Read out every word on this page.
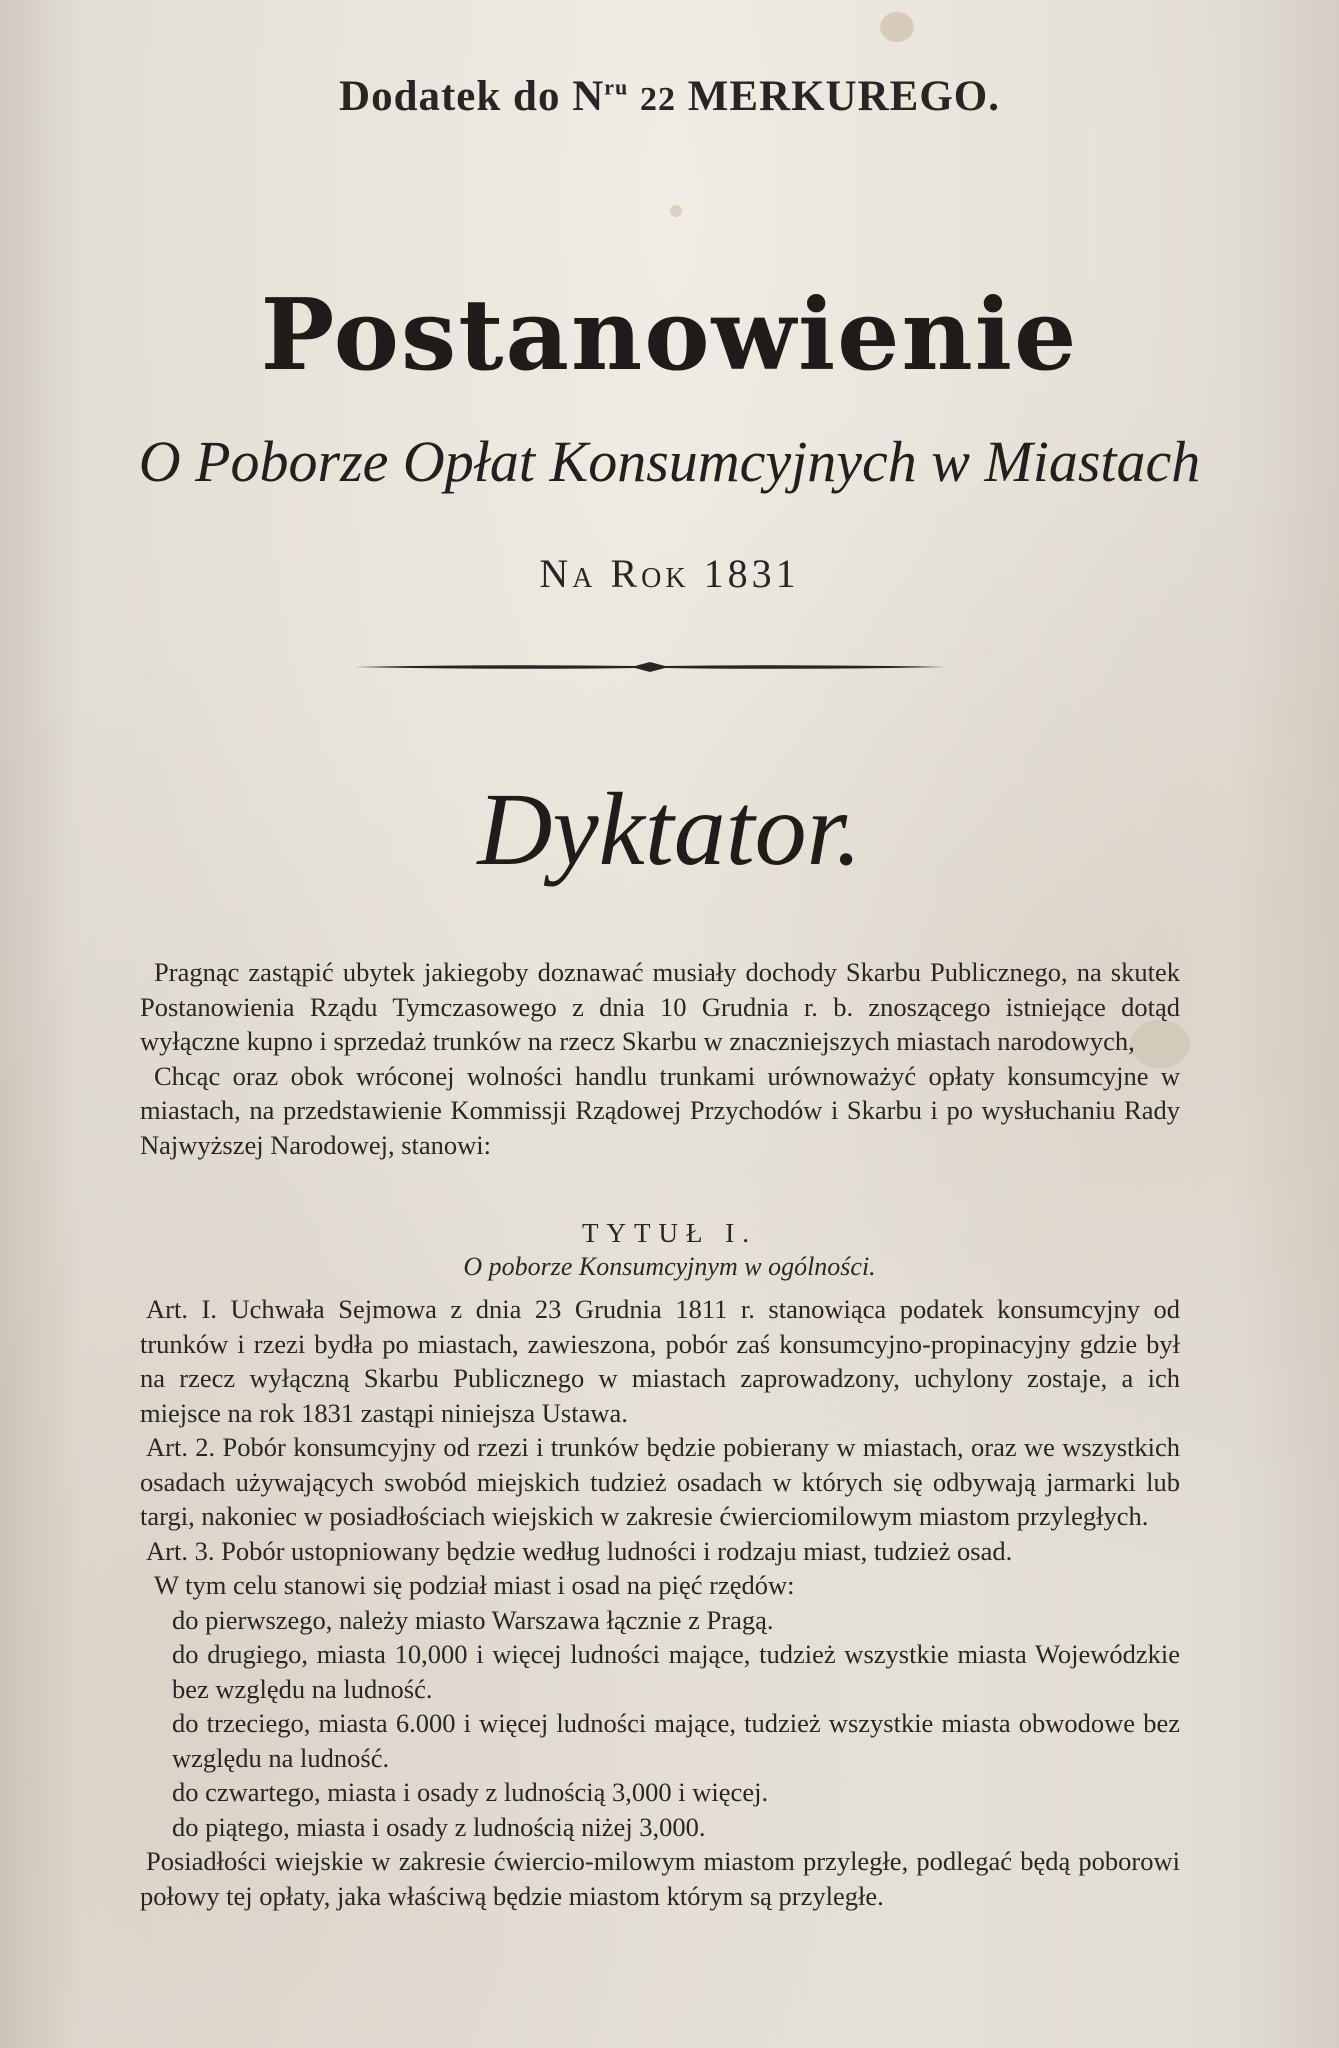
Dodatek do $N^{ru}$ 22 MERKUREGO.
Postanowienie
O Poborze Opłat Konsumcyjnych w Miastach
Na Rok 1831
Dyktator.

Pragnąc zastąpić ubytek jakiegoby doznawać musiały dochody Skarbu Publicznego, na skutek Postanowienia Rządu Tymczasowego z dnia 10 Grudnia r. b. znoszącego istniejące dotąd wyłączne kupno i sprzedaż trunków na rzecz Skarbu w znaczniejszych miastach narodowych,

Chcąc oraz obok wróconej wolności handlu trunkami urównoważyć opłaty konsumcyjne w miastach, na przedstawienie Kommissji Rządowej Przychodów i Skarbu i po wysłuchaniu Rady Najwyższej Narodowej, stanowi:

TYTUŁ I.
O poborze Konsumcyjnym w ogólności.

Art. I. Uchwała Sejmowa z dnia 23 Grudnia 1811 r. stanowiąca podatek konsumcyjny od trunków i rzezi bydła po miastach, zawieszona, pobór zaś konsumcyjno-propinacyjny gdzie był na rzecz wyłączną Skarbu Publicznego w miastach zaprowadzony, uchylony zostaje, a ich miejsce na rok 1831 zastąpi niniejsza Ustawa.

Art. 2. Pobór konsumcyjny od rzezi i trunków będzie pobierany w miastach, oraz we wszystkich osadach używających swobód miejskich tudzież osadach w których się odbywają jarmarki lub targi, nakoniec w posiadłościach wiejskich w zakresie ćwierciomilowym miastom przyległych.

Art. 3. Pobór ustopniowany będzie według ludności i rodzaju miast, tudzież osad.

W tym celu stanowi się podział miast i osad na pięć rzędów:

do pierwszego, należy miasto Warszawa łącznie z Pragą.

do drugiego, miasta 10,000 i więcej ludności mające, tudzież wszystkie miasta Wojewódzkie bez względu na ludność.

do trzeciego, miasta 6.000 i więcej ludności mające, tudzież wszystkie miasta obwodowe bez względu na ludność.

do czwartego, miasta i osady z ludnością 3,000 i więcej.

do piątego, miasta i osady z ludnością niżej 3,000.

Posiadłości wiejskie w zakresie ćwiercio-milowym miastom przyległe, podlegać będą poborowi połowy tej opłaty, jaka właściwą będzie miastom którym są przyległe.
